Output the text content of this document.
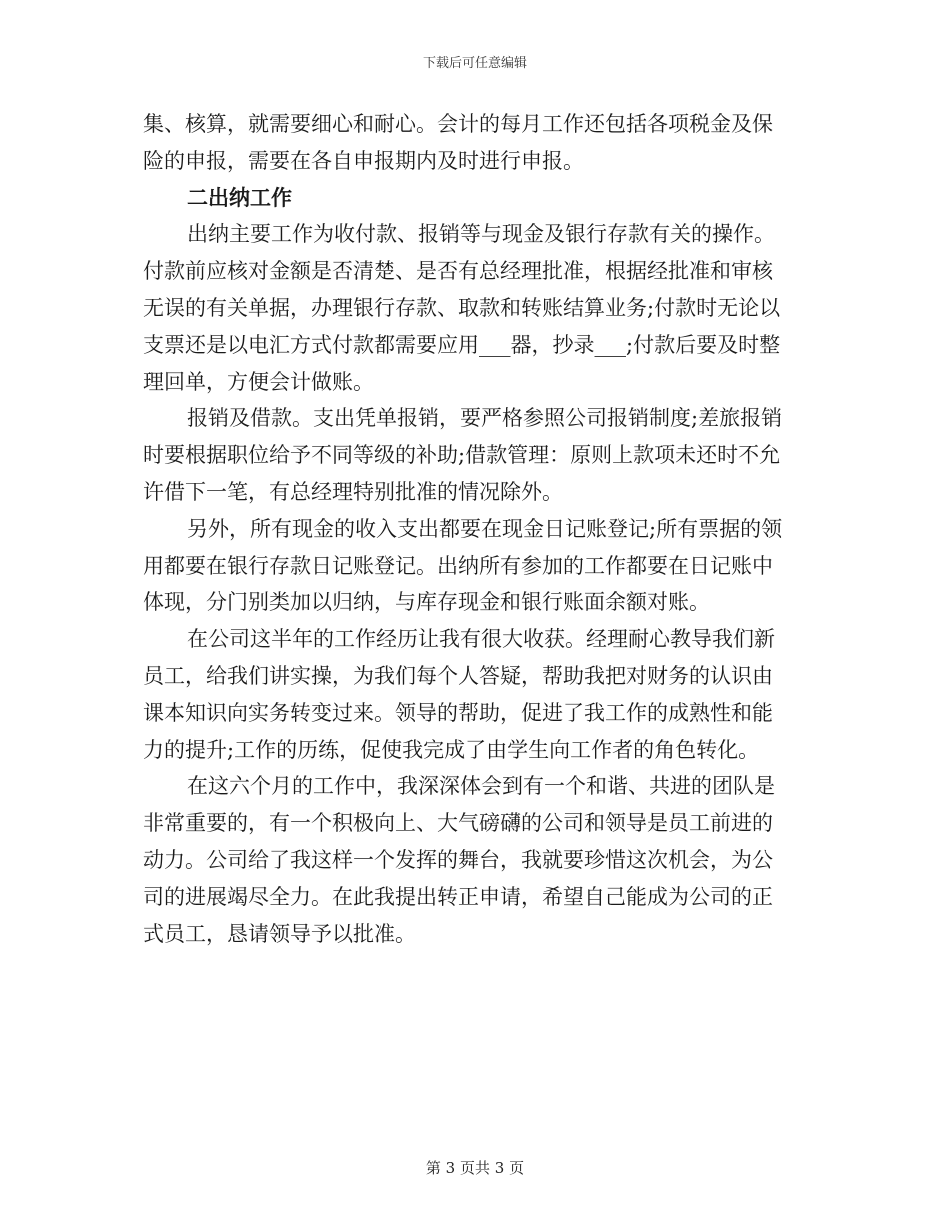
下载后可任意编辑
集、核算，就需要细心和耐心。会计的每月工作还包括各项税金及保
险的申报，需要在各自申报期内及时进行申报。
二出纳工作
出纳主要工作为收付款、报销等与现金及银行存款有关的操作。
付款前应核对金额是否清楚、是否有总经理批准，根据经批准和审核
无误的有关单据，办理银行存款、取款和转账结算业务;付款时无论以
支票还是以电汇方式付款都需要应用___器，抄录___;付款后要及时整
理回单，方便会计做账。
报销及借款。支出凭单报销，要严格参照公司报销制度;差旅报销
时要根据职位给予不同等级的补助;借款管理：原则上款项未还时不允
许借下一笔，有总经理特别批准的情况除外。
另外，所有现金的收入支出都要在现金日记账登记;所有票据的领
用都要在银行存款日记账登记。出纳所有参加的工作都要在日记账中
体现，分门别类加以归纳，与库存现金和银行账面余额对账。
在公司这半年的工作经历让我有很大收获。经理耐心教导我们新
员工，给我们讲实操，为我们每个人答疑，帮助我把对财务的认识由
课本知识向实务转变过来。领导的帮助，促进了我工作的成熟性和能
力的提升;工作的历练，促使我完成了由学生向工作者的角色转化。
在这六个月的工作中，我深深体会到有一个和谐、共进的团队是
非常重要的，有一个积极向上、大气磅礴的公司和领导是员工前进的
动力。公司给了我这样一个发挥的舞台，我就要珍惜这次机会，为公
司的进展竭尽全力。在此我提出转正申请，希望自己能成为公司的正
式员工，恳请领导予以批准。
第 3 页共 3 页
